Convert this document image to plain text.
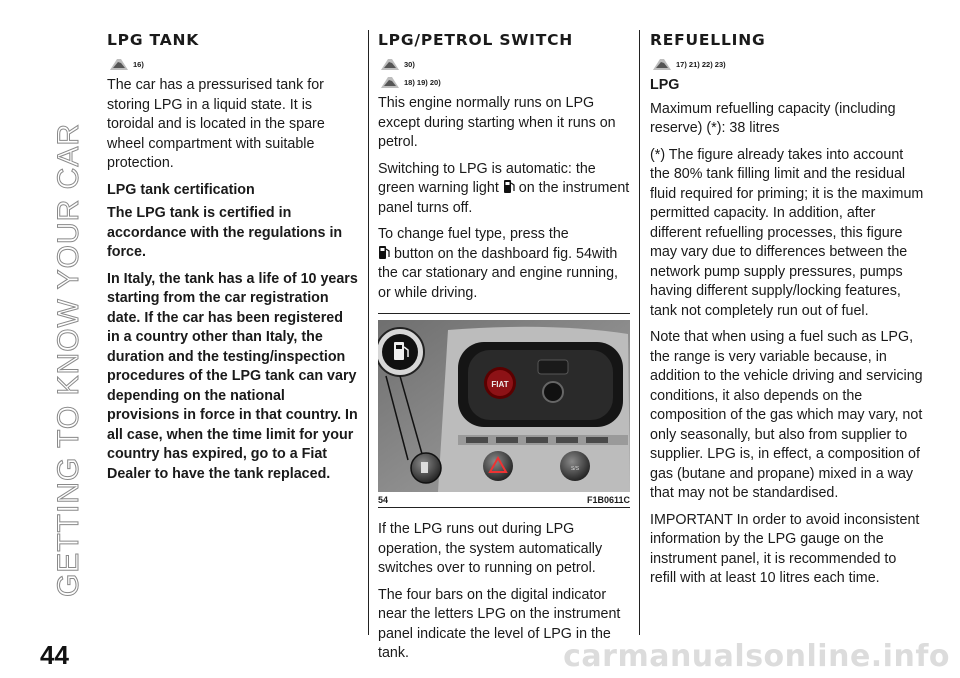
GETTING TO KNOW YOUR CAR
44
LPG TANK
16)

The car has a pressurised tank for storing LPG in a liquid state. It is toroidal and is located in the spare wheel compartment with suitable protection.

LPG tank certification

The LPG tank is certified in accordance with the regulations in force.

In Italy, the tank has a life of 10 years starting from the car registration date. If the car has been registered in a country other than Italy, the duration and the testing/inspection procedures of the LPG tank can vary depending on the national provisions in force in that country. In all case, when the time limit for your country has expired, go to a Fiat Dealer to have the tank replaced.

LPG/PETROL SWITCH
30)
18) 19) 20)

This engine normally runs on LPG except during starting when it runs on petrol.

Switching to LPG is automatic: the green warning light on the instrument panel turns off.

To change fuel type, press the
button on the dashboard fig. 54with the car stationary and engine running, or while driving.

FIAT
S/S
54	F1B0611C

If the LPG runs out during LPG operation, the system automatically switches over to running on petrol.

The four bars on the digital indicator near the letters LPG on the instrument panel indicate the level of LPG in the tank.

REFUELLING
17) 21) 22) 23)
LPG

Maximum refuelling capacity (including reserve) (*): 38 litres

(*) The figure already takes into account the 80% tank filling limit and the residual fluid required for priming; it is the maximum permitted capacity. In addition, after different refuelling processes, this figure may vary due to differences between the network pump supply pressures, pumps having different supply/locking features, tank not completely run out of fuel.

Note that when using a fuel such as LPG, the range is very variable because, in addition to the vehicle driving and servicing conditions, it also depends on the composition of the gas which may vary, not only seasonally, but also from supplier to supplier. LPG is, in effect, a composition of gas (butane and propane) mixed in a way that may not be standardised.

IMPORTANT In order to avoid inconsistent information by the LPG gauge on the instrument panel, it is recommended to refill with at least 10 litres each time.

carmanualsonline.info
